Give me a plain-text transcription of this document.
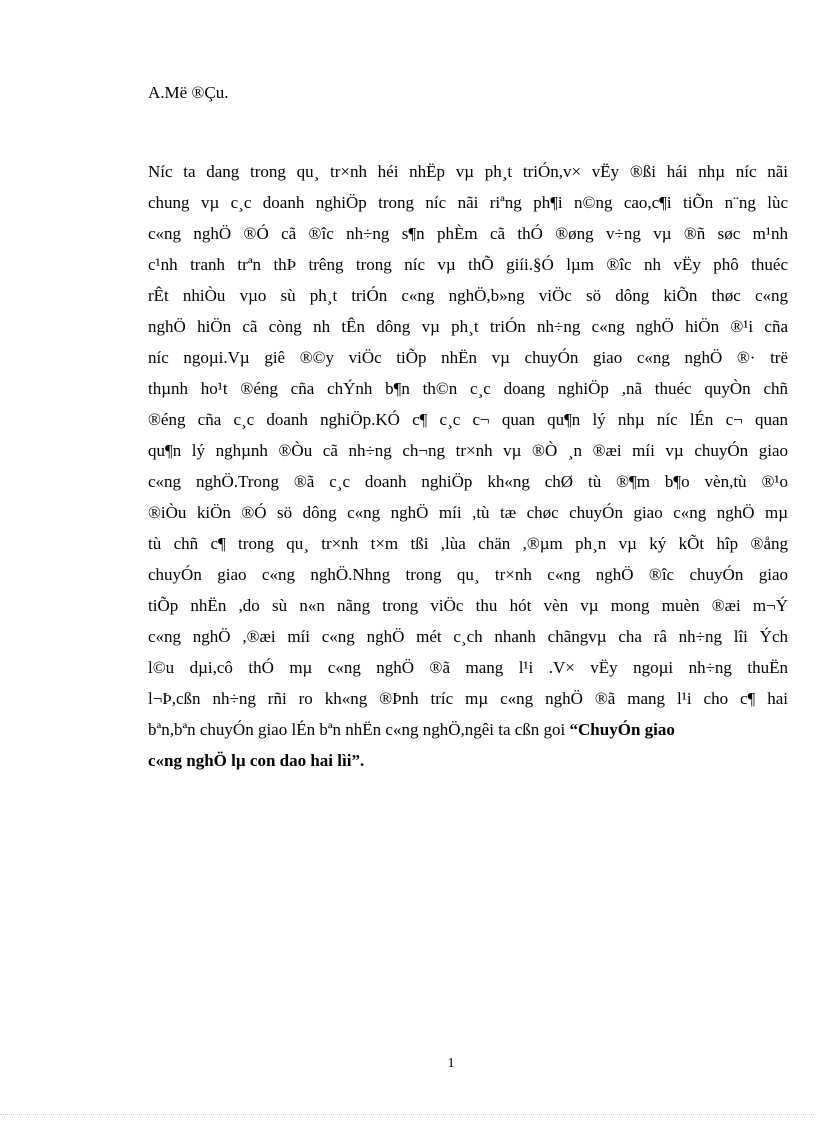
A.Më ®Çu.
Níc ta dang trong qu¸ tr×nh héi nhËp vµ ph¸t triÓn,v× vËy ®ßi hái nhµ níc nãi
chung vµ c¸c doanh nghiÖp trong níc nãi riªng ph¶i n©ng cao,c¶i tiÕn n¨ng lùc
c«ng nghÖ ®Ó cã ®îc nh÷ng s¶n phÈm cã thÓ ®øng v÷ng vµ ®ñ søc m¹nh
c¹nh tranh trªn thÞ trêng trong níc vµ thÕ giíi.§Ó lµm ®îc nh vËy phô thuéc
rÊt nhiÒu vµo sù ph¸t triÓn c«ng nghÖ,b»ng viÖc sö dông kiÕn thøc c«ng
nghÖ hiÖn cã còng nh tÊn dông vµ ph¸t triÓn nh÷ng c«ng nghÖ hiÖn ®¹i cña
níc ngoµi.Vµ giê ®©y viÖc tiÕp nhËn vµ chuyÓn giao c«ng nghÖ ®· trë
thµnh ho¹t ®éng cña chÝnh b¶n th©n c¸c doang nghiÖp ,nã thuéc quyÒn chñ
®éng cña c¸c doanh nghiÖp.KÓ c¶ c¸c c¬ quan qu¶n lý nhµ níc lÉn c¬ quan
qu¶n lý nghµnh ®Òu cã nh÷ng ch¬ng tr×nh vµ ®Ò ¸n ®æi míi vµ chuyÓn giao
c«ng nghÖ.Trong ®ã c¸c doanh nghiÖp kh«ng chØ tù ®¶m b¶o vèn,tù ®¹o
®iÒu kiÖn ®Ó sö dông c«ng nghÖ míi ,tù tæ chøc chuyÓn giao c«ng nghÖ mµ
tù chñ c¶ trong qu¸ tr×nh t×m tßi ,lùa chän ,®µm ph¸n vµ ký kÕt hîp ®ång
chuyÓn giao c«ng nghÖ.Nhng trong qu¸ tr×nh c«ng nghÖ ®îc chuyÓn giao
tiÕp nhËn ,do sù n«n nãng trong viÖc thu hót vèn vµ mong muèn ®æi m¬Ý
c«ng nghÖ ,®æi míi c«ng nghÖ mét c¸ch nhanh chãngvµ cha râ nh÷ng lîi Ých
l©u dµi,cô thÓ mµ c«ng nghÖ ®ã mang l¹i .V× vËy ngoµi nh÷ng thuËn
l¬Þ,cßn nh÷ng rñi ro kh«ng ®Þnh tríc mµ c«ng nghÖ ®ã mang l¹i cho c¶ hai
bªn,bªn chuyÓn giao lÉn bªn nhËn c«ng nghÖ,ngêi ta cßn goi “ChuyÓn giao
c«ng nghÖ lµ con dao hai lìi”.
1
